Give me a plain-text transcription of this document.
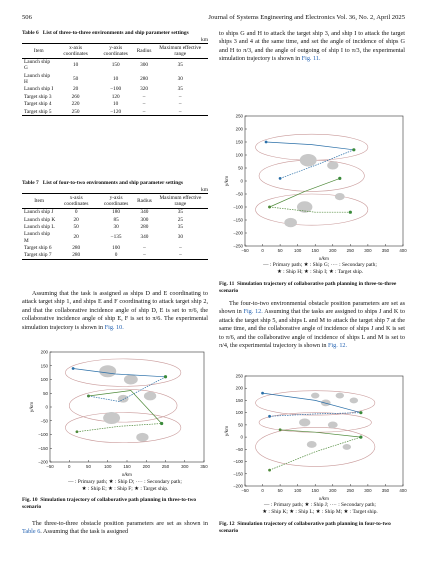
506	Journal of Systems Engineering and Electronics Vol. 36, No. 2, April 2025
Table 6 List of three-to-three environments and ship parameter settings
km
Item	x-axis coordinates	y-axis coordinates	Radius	Maximum effective range
Launch ship G	10	150	300	35
Launch ship H	50	10	280	30
Launch ship I	20	−100	320	35
Target ship 3	260	120	–	–
Target ship 4	220	10	–	–
Target ship 5	250	−120	–	–
Table 7 List of four-to-two environments and ship parameter settings
km
Item	x-axis coordinates	y-axis coordinates	Radius	Maximum effective range
Launch ship J	0	180	340	35
Launch ship K	20	85	300	25
Launch ship L	50	30	280	35
Launch ship M	20	−135	340	30
Target ship 6	280	100	–	–
Target ship 7	280	0	–	–

Assuming that the task is assigned as ships D and E coordinating to attack target ship 1, and ships E and F coordinating to attack target ship 2, and that the collaborative incidence angle of ship D, E is set to π/6, the collaborative incidence angle of ship E, F is set to π/6. The experimental simulation trajectory is shown in Fig. 10.

−50	0	50	100	150	200	250	300	350
−200
−150
−100
−50
0
50
100
150
200
x/km
y/km
— : Primary path; ★ : Ship D; ···· : Secondary path;
★ : Ship E; ★ : Ship F; ★ : Target ship.
Fig. 10 Simulation trajectory of collaborative path planning in three-to-two scenario

The three-to-three obstacle position parameters are set as shown in Table 6. Assuming that the task is assigned

to ships G and H to attack the target ship 3, and ship I to attack the target ships 3 and 4 at the same time, and set the angle of incidence of ships G and H to π/3, and the angle of outgoing of ship I to π/3, the experimental simulation trajectory is shown in Fig. 11.

−50	0	50	100 150 200 250 300 350 400
−250
−200
−150
−100
−50
0
50
100
150
200
250
x/km
y/km
— : Primary path; ★ : Ship G; ···· : Secondary path;
★ : Ship H; ★ : Ship I; ★ : Target ship.
Fig. 11 Simulation trajectory of collaborative path planning in three-to-three scenario

The four-to-two environmental obstacle position parameters are set as shown in Fig. 12. Assuming that the tasks are assigned to ships J and K to attack the target ship 5, and ships L and M to attack the target ship 7 at the same time, and the collaborative angle of incidence of ships J and K is set to π/6, and the collaborative angle of incidence of ships L and M is set to π/4, the experimental trajectory is shown in Fig. 12.

−50	0	50	100 150 200 250 300 350 400
−200
−150
−100
−50
0
50
100
150
200
250
x/km
y/km
— : Primary path; ★ : Ship J; ···· : Secondary path;
★ : Ship K; ★ : Ship L; ★ : Ship M; ★ : Target ship.
Fig. 12 Simulation trajectory of collaborative path planning in four-to-two scenario
